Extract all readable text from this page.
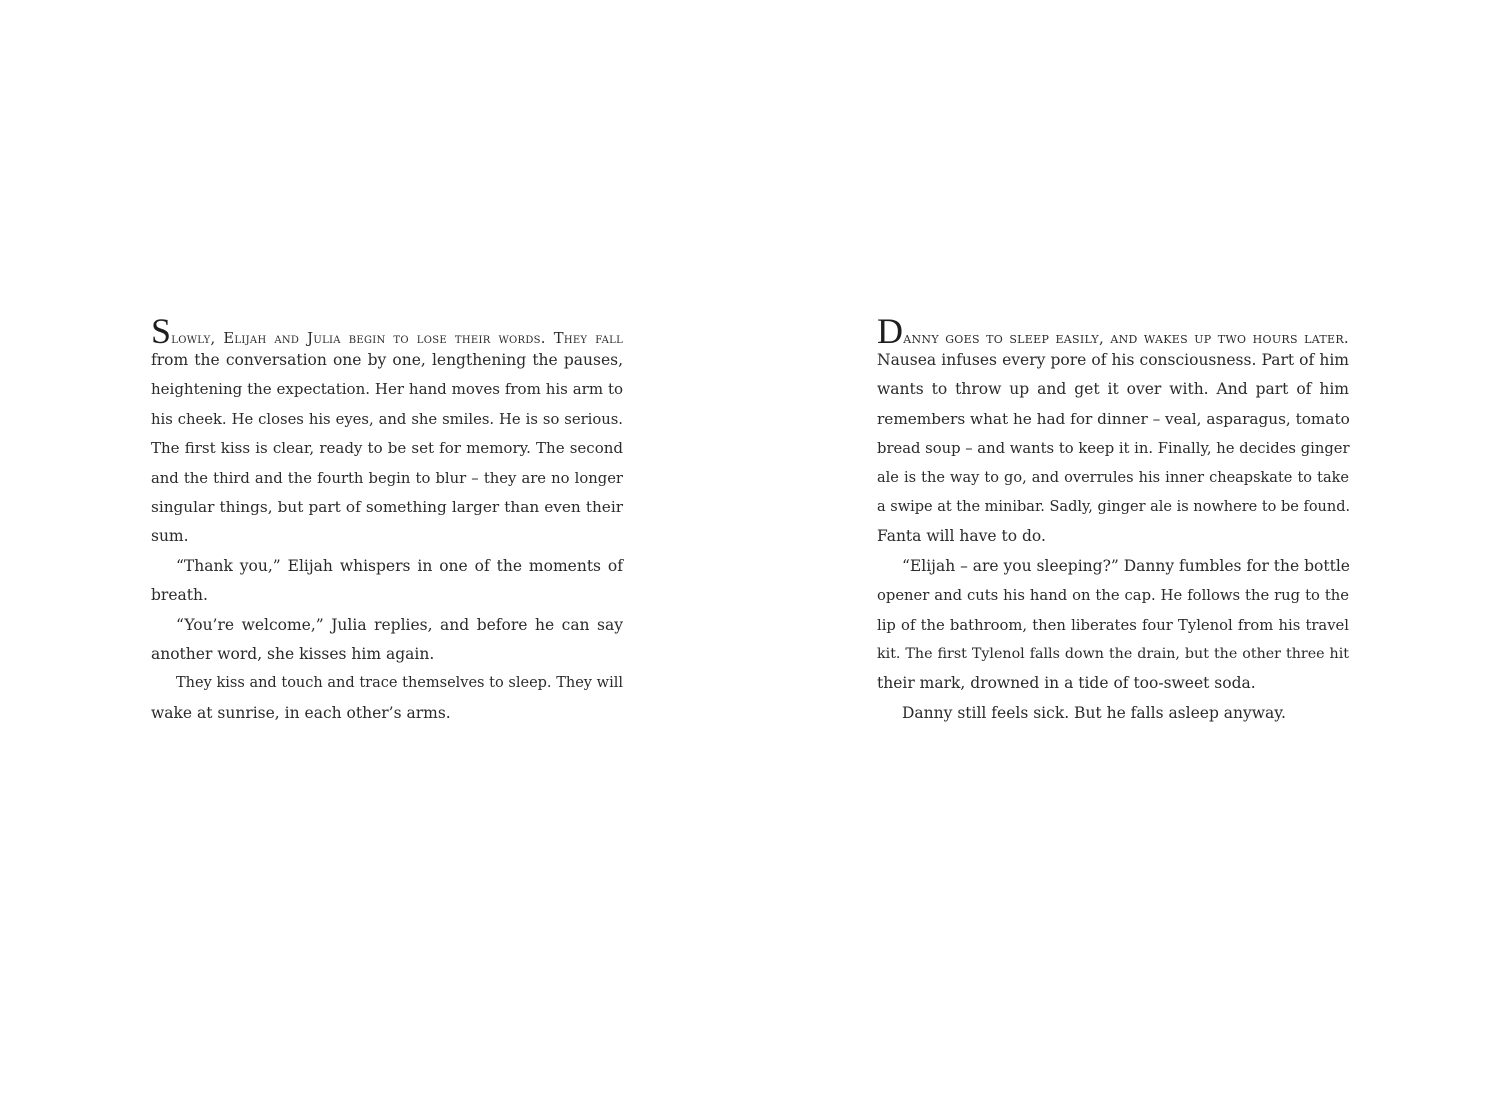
Slowly, Elijah and Julia begin to lose their words. They fall
from the conversation one by one, lengthening the pauses,
heightening the expectation. Her hand moves from his arm to
his cheek. He closes his eyes, and she smiles. He is so serious.
The first kiss is clear, ready to be set for memory. The second
and the third and the fourth begin to blur – they are no longer
singular things, but part of something larger than even their
sum.
“Thank you,” Elijah whispers in one of the moments of
breath.
“You’re welcome,” Julia replies, and before he can say
another word, she kisses him again.
They kiss and touch and trace themselves to sleep. They will
wake at sunrise, in each other’s arms.
Danny goes to sleep easily, and wakes up two hours later.
Nausea infuses every pore of his consciousness. Part of him
wants to throw up and get it over with. And part of him
remembers what he had for dinner – veal, asparagus, tomato
bread soup – and wants to keep it in. Finally, he decides ginger
ale is the way to go, and overrules his inner cheapskate to take
a swipe at the minibar. Sadly, ginger ale is nowhere to be found.
Fanta will have to do.
“Elijah – are you sleeping?” Danny fumbles for the bottle
opener and cuts his hand on the cap. He follows the rug to the
lip of the bathroom, then liberates four Tylenol from his travel
kit. The first Tylenol falls down the drain, but the other three hit
their mark, drowned in a tide of too-sweet soda.
Danny still feels sick. But he falls asleep anyway.
